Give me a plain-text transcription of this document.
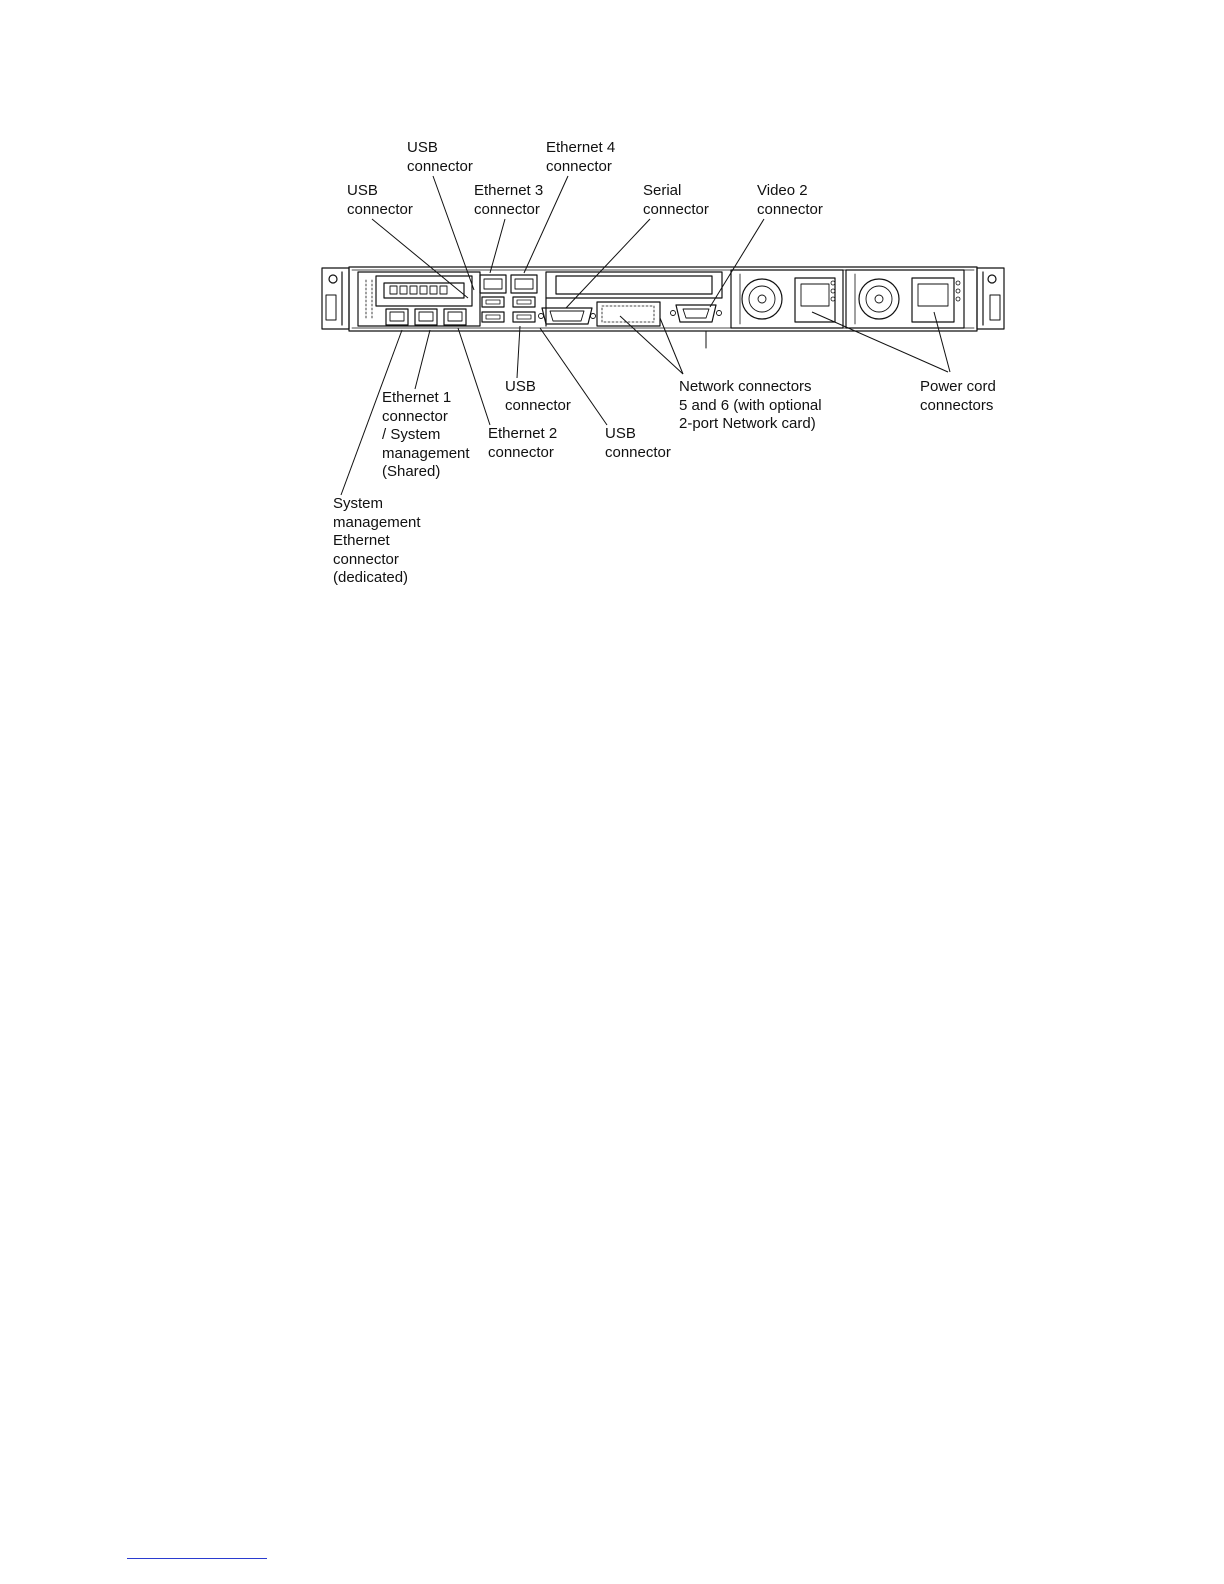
USB
connector

Ethernet 4
connector

USB
connector

Ethernet 3
connector

Serial
connector

Video 2
connector

USB
connector

Network connectors
5 and 6 (with optional
2-port Network card)

Power cord
connectors

Ethernet 1
connector
/ System
management
(Shared)

Ethernet 2
connector

USB
connector

System
management
Ethernet
connector
(dedicated)
